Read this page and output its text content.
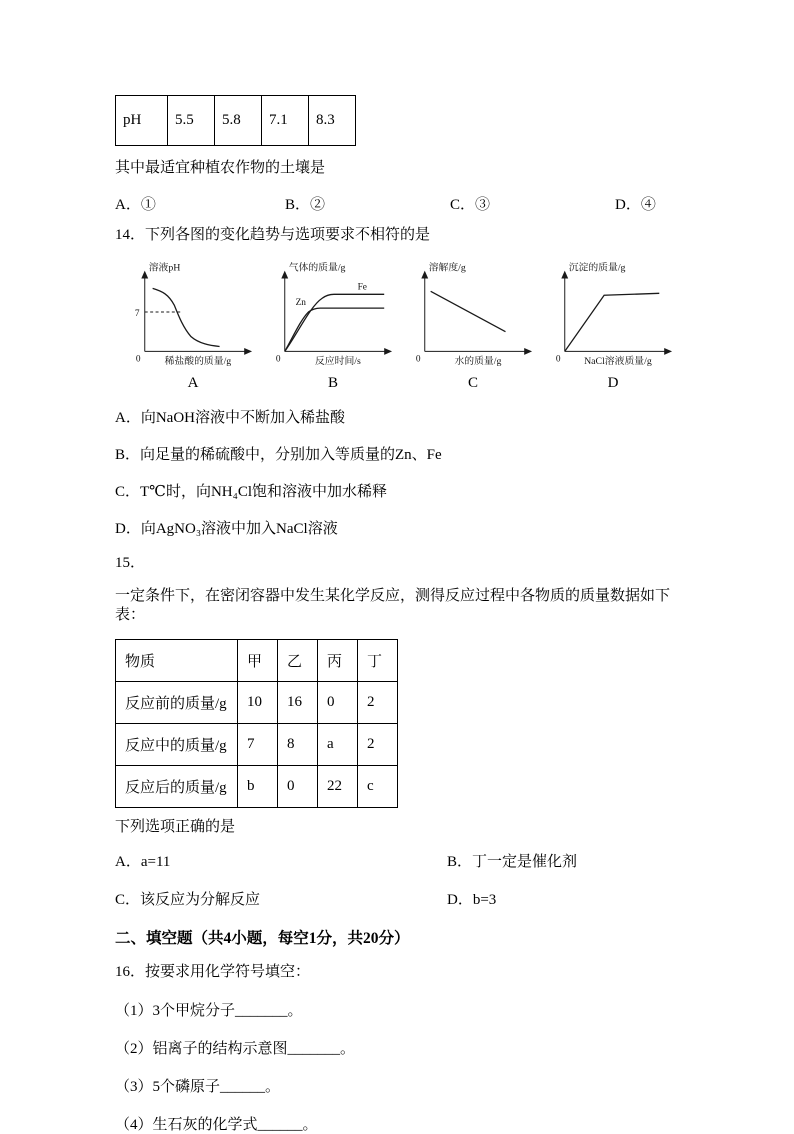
pH	5.5	5.8	7.1	8.3

其中最适宜种植农作物的土壤是

A．①	B．②	C．③	D．④

14．下列各图的变化趋势与选项要求不相符的是

溶液pH
7
0 稀盐酸的质量/g
A
气体的质量/g
Zn
Fe
0	反应时间/s
B
溶解度/g
0	水的质量/g
C
沉淀的质量/g
0 NaCl溶液质量/g
D

A．向NaOH溶液中不断加入稀盐酸

B．向足量的稀硫酸中，分别加入等质量的Zn、Fe

C．T℃时，向NH₄Cl饱和溶液中加水稀释

D．向AgNO₃溶液中加入NaCl溶液

15．

一定条件下，在密闭容器中发生某化学反应，测得反应过程中各物质的质量数据如下表：

物质	甲	乙	丙	丁
反应前的质量/g	10	16	0	2
反应中的质量/g	7	8	a	2
反应后的质量/g	b	0	22	c

下列选项正确的是

A．a=11	B．丁一定是催化剂
C．该反应为分解反应	D．b=3

二、填空题（共4小题，每空1分，共20分）

16．按要求用化学符号填空：

（1）3个甲烷分子_______。

（2）铝离子的结构示意图_______。

（3）5个磷原子______。

（4）生石灰的化学式______。
